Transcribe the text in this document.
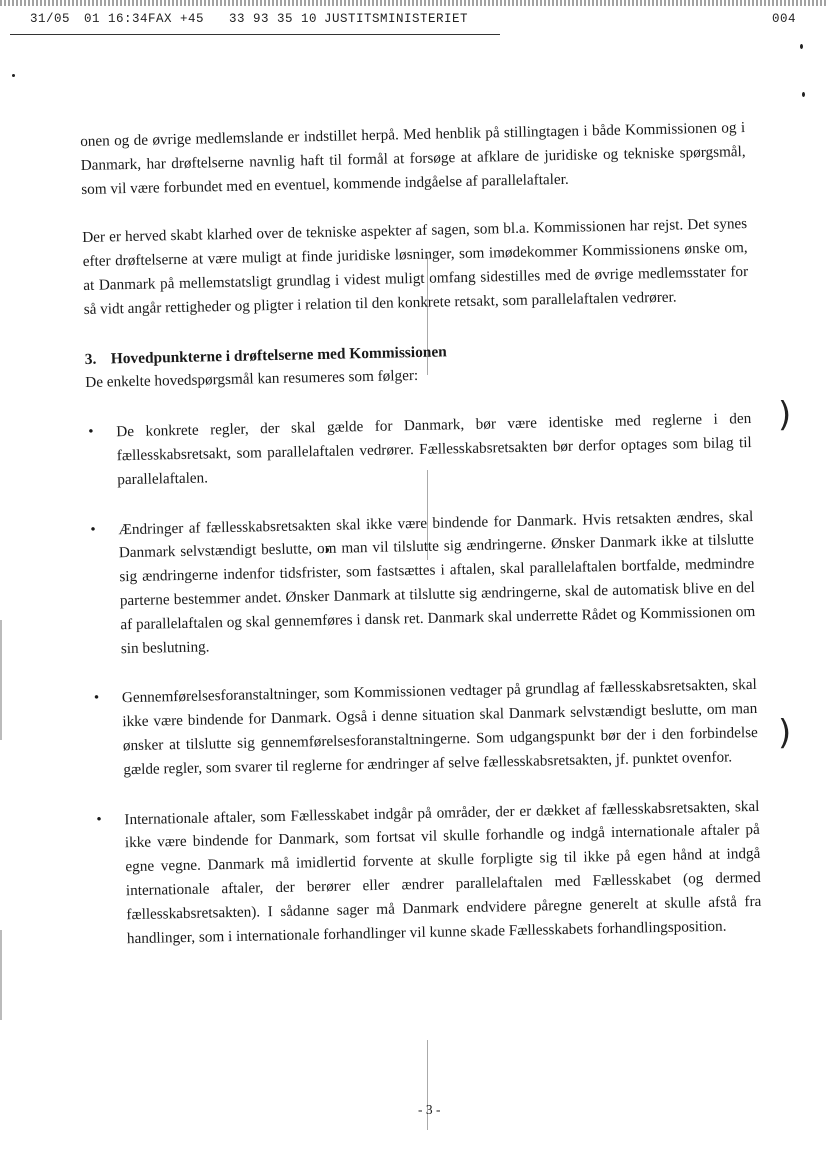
31/05 01 16:34 FAX +45 33 93 35 10 JUSTITSMINISTERIET	004
)
)

onen og de øvrige medlemslande er indstillet herpå. Med henblik på stillingtagen i både Kommissionen og i Danmark, har drøftelserne navnlig haft til formål at forsøge at afklare de juridiske og tekniske spørgsmål, som vil være forbundet med en eventuel, kommende indgåelse af parallelaftaler.

Der er herved skabt klarhed over de tekniske aspekter af sagen, som bl.a. Kommissionen har rejst. Det synes efter drøftelserne at være muligt at finde juridiske løsninger, som imødekommer Kommissionens ønske om, at Danmark på mellemstatsligt grundlag i videst muligt omfang sidestilles med de øvrige medlemsstater for så vidt angår rettigheder og pligter i relation til den konkrete retsakt, som parallelaftalen vedrører.

3. Hovedpunkterne i drøftelserne med Kommissionen

De enkelte hovedspørgsmål kan resumeres som følger:

• De konkrete regler, der skal gælde for Danmark, bør være identiske med reglerne i den fællesskabsretsakt, som parallelaftalen vedrører. Fællesskabsretsakten bør derfor optages som bilag til parallelaftalen.
• Ændringer af fællesskabsretsakten skal ikke være bindende for Danmark. Hvis retsakten ændres, skal Danmark selvstændigt beslutte, om man vil tilslutte sig ændringerne. Ønsker Danmark ikke at tilslutte sig ændringerne indenfor tidsfrister, som fastsættes i aftalen, skal parallelaftalen bortfalde, medmindre parterne bestemmer andet. Ønsker Danmark at tilslutte sig ændringerne, skal de automatisk blive en del af parallelaftalen og skal gennemføres i dansk ret. Danmark skal underrette Rådet og Kommissionen om sin beslutning.
• Gennemførelsesforanstaltninger, som Kommissionen vedtager på grundlag af fællesskabsretsakten, skal ikke være bindende for Danmark. Også i denne situation skal Danmark selvstændigt beslutte, om man ønsker at tilslutte sig gennemførelsesforanstaltningerne. Som udgangspunkt bør der i den forbindelse gælde regler, som svarer til reglerne for ændringer af selve fællesskabsretsakten, jf. punktet ovenfor.
• Internationale aftaler, som Fællesskabet indgår på områder, der er dækket af fællesskabsretsakten, skal ikke være bindende for Danmark, som fortsat vil skulle forhandle og indgå internationale aftaler på egne vegne. Danmark må imidlertid forvente at skulle forpligte sig til ikke på egen hånd at indgå internationale aftaler, der berører eller ændrer parallelaftalen med Fællesskabet (og dermed fællesskabsretsakten). I sådanne sager må Danmark endvidere påregne generelt at skulle afstå fra handlinger, som i internationale forhandlinger vil kunne skade Fællesskabets forhandlingsposition.
- 3 -
